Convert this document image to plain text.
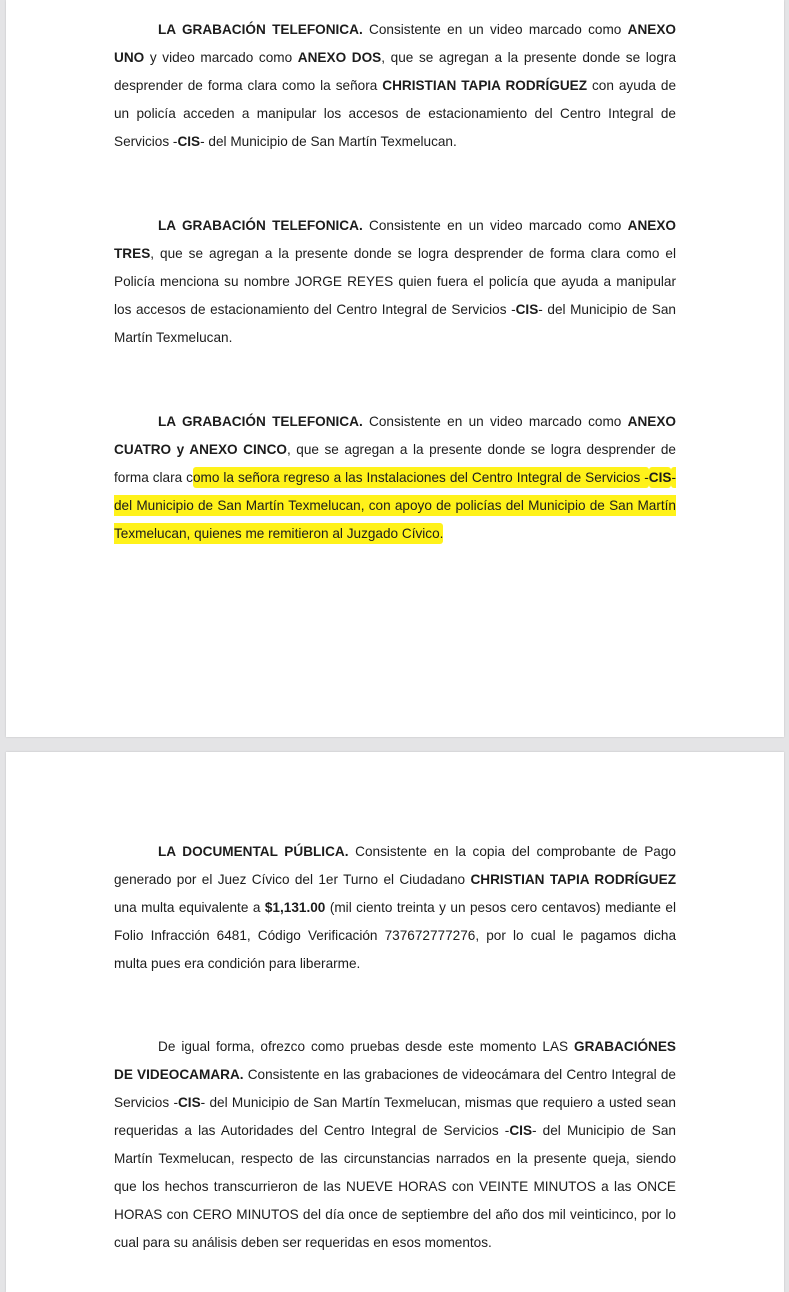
LA GRABACIÓN TELEFONICA. Consistente en un video marcado como ANEXO UNO y video marcado como ANEXO DOS, que se agregan a la presente donde se logra desprender de forma clara como la señora CHRISTIAN TAPIA RODRÍGUEZ con ayuda de un policía acceden a manipular los accesos de estacionamiento del Centro Integral de Servicios -CIS- del Municipio de San Martín Texmelucan.

LA GRABACIÓN TELEFONICA. Consistente en un video marcado como ANEXO TRES, que se agregan a la presente donde se logra desprender de forma clara como el Policía menciona su nombre JORGE REYES quien fuera el policía que ayuda a manipular los accesos de estacionamiento del Centro Integral de Servicios -CIS- del Municipio de San Martín Texmelucan.

LA GRABACIÓN TELEFONICA. Consistente en un video marcado como ANEXO CUATRO y ANEXO CINCO, que se agregan a la presente donde se logra desprender de forma clara como la señora regreso a las Instalaciones del Centro Integral de Servicios -CIS- del Municipio de San Martín Texmelucan, con apoyo de policías del Municipio de San Martín Texmelucan, quienes me remitieron al Juzgado Cívico.

LA DOCUMENTAL PÚBLICA. Consistente en la copia del comprobante de Pago generado por el Juez Cívico del 1er Turno el Ciudadano CHRISTIAN TAPIA RODRÍGUEZ una multa equivalente a $1,131.00 (mil ciento treinta y un pesos cero centavos) mediante el Folio Infracción 6481, Código Verificación 737672777276, por lo cual le pagamos dicha multa pues era condición para liberarme.

De igual forma, ofrezco como pruebas desde este momento LAS GRABACIÓNES DE VIDEOCAMARA. Consistente en las grabaciones de videocámara del Centro Integral de Servicios -CIS- del Municipio de San Martín Texmelucan, mismas que requiero a usted sean requeridas a las Autoridades del Centro Integral de Servicios -CIS- del Municipio de San Martín Texmelucan, respecto de las circunstancias narrados en la presente queja, siendo que los hechos transcurrieron de las NUEVE HORAS con VEINTE MINUTOS a las ONCE HORAS con CERO MINUTOS del día once de septiembre del año dos mil veinticinco, por lo cual para su análisis deben ser requeridas en esos momentos.
